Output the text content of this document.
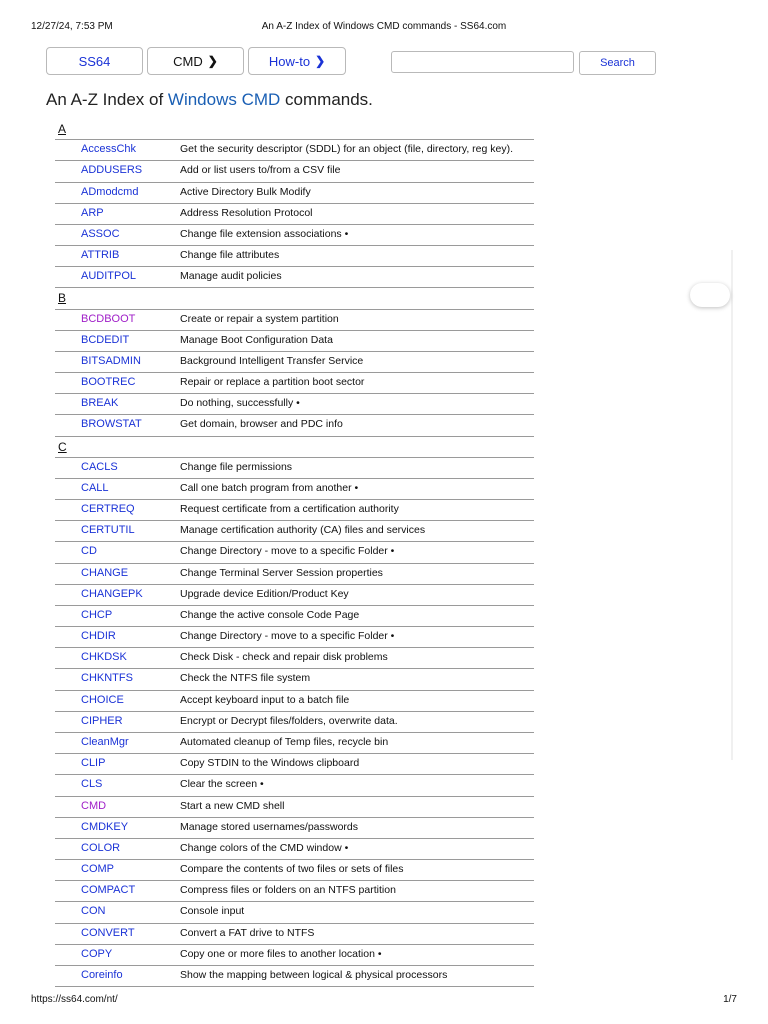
12/27/24, 7:53 PM	An A-Z Index of Windows CMD commands - SS64.com
SS64	CMD ❯	How-to ❯	Search
An A-Z Index of Windows CMD commands.
A
AccessChk	Get the security descriptor (SDDL) for an object (file, directory, reg key).
ADDUSERS	Add or list users to/from a CSV file
ADmodcmd	Active Directory Bulk Modify
ARP	Address Resolution Protocol
ASSOC	Change file extension associations •
ATTRIB	Change file attributes
AUDITPOL	Manage audit policies
B
BCDBOOT	Create or repair a system partition
BCDEDIT	Manage Boot Configuration Data
BITSADMIN	Background Intelligent Transfer Service
BOOTREC	Repair or replace a partition boot sector
BREAK	Do nothing, successfully •
BROWSTAT	Get domain, browser and PDC info
C
CACLS	Change file permissions
CALL	Call one batch program from another •
CERTREQ	Request certificate from a certification authority
CERTUTIL	Manage certification authority (CA) files and services
CD	Change Directory - move to a specific Folder •
CHANGE	Change Terminal Server Session properties
CHANGEPK	Upgrade device Edition/Product Key
CHCP	Change the active console Code Page
CHDIR	Change Directory - move to a specific Folder •
CHKDSK	Check Disk - check and repair disk problems
CHKNTFS	Check the NTFS file system
CHOICE	Accept keyboard input to a batch file
CIPHER	Encrypt or Decrypt files/folders, overwrite data.
CleanMgr	Automated cleanup of Temp files, recycle bin
CLIP	Copy STDIN to the Windows clipboard
CLS	Clear the screen •
CMD	Start a new CMD shell
CMDKEY	Manage stored usernames/passwords
COLOR	Change colors of the CMD window •
COMP	Compare the contents of two files or sets of files
COMPACT	Compress files or folders on an NTFS partition
CON	Console input
CONVERT	Convert a FAT drive to NTFS
COPY	Copy one or more files to another location •
Coreinfo	Show the mapping between logical & physical processors
https://ss64.com/nt/	1/7
